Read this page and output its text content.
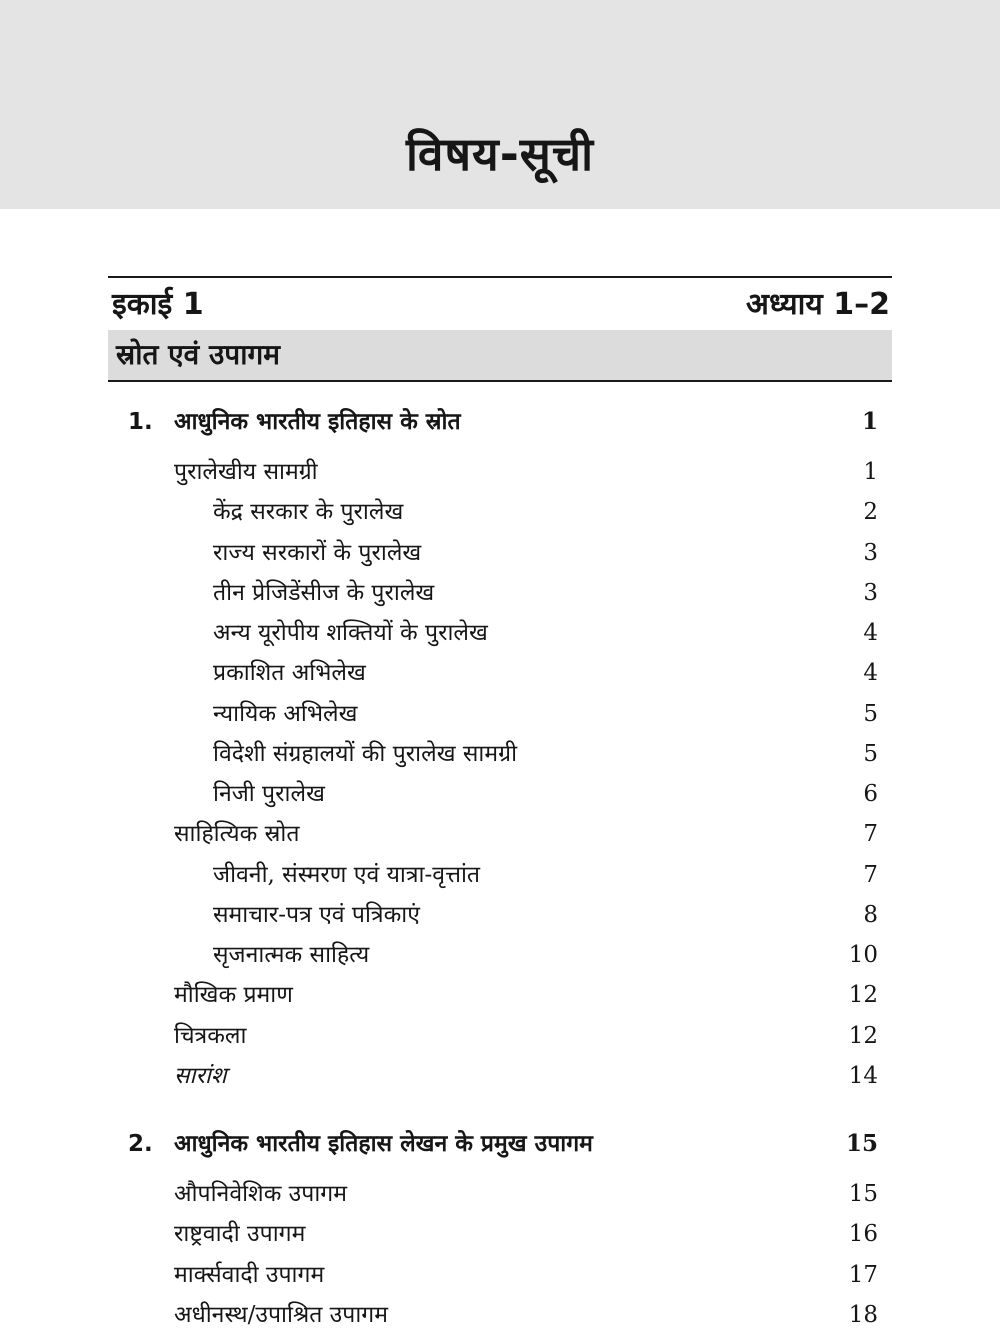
विषय-सूची
इकाई 1	अध्याय 1–2
स्रोत एवं उपागम
1. आधुनिक भारतीय इतिहास के स्रोत	1
पुरालेखीय सामग्री	1
केंद्र सरकार के पुरालेख	2
राज्य सरकारों के पुरालेख	3
तीन प्रेजिडेंसीज के पुरालेख	3
अन्य यूरोपीय शक्तियों के पुरालेख	4
प्रकाशित अभिलेख	4
न्यायिक अभिलेख	5
विदेशी संग्रहालयों की पुरालेख सामग्री	5
निजी पुरालेख	6
साहित्यिक स्रोत	7
जीवनी, संस्मरण एवं यात्रा-वृत्तांत	7
समाचार-पत्र एवं पत्रिकाएं	8
सृजनात्मक साहित्य	10
मौखिक प्रमाण	12
चित्रकला	12
सारांश	14
2. आधुनिक भारतीय इतिहास लेखन के प्रमुख उपागम	15
औपनिवेशिक उपागम	15
राष्ट्रवादी उपागम	16
मार्क्सवादी उपागम	17
अधीनस्थ/उपाश्रित उपागम	18
